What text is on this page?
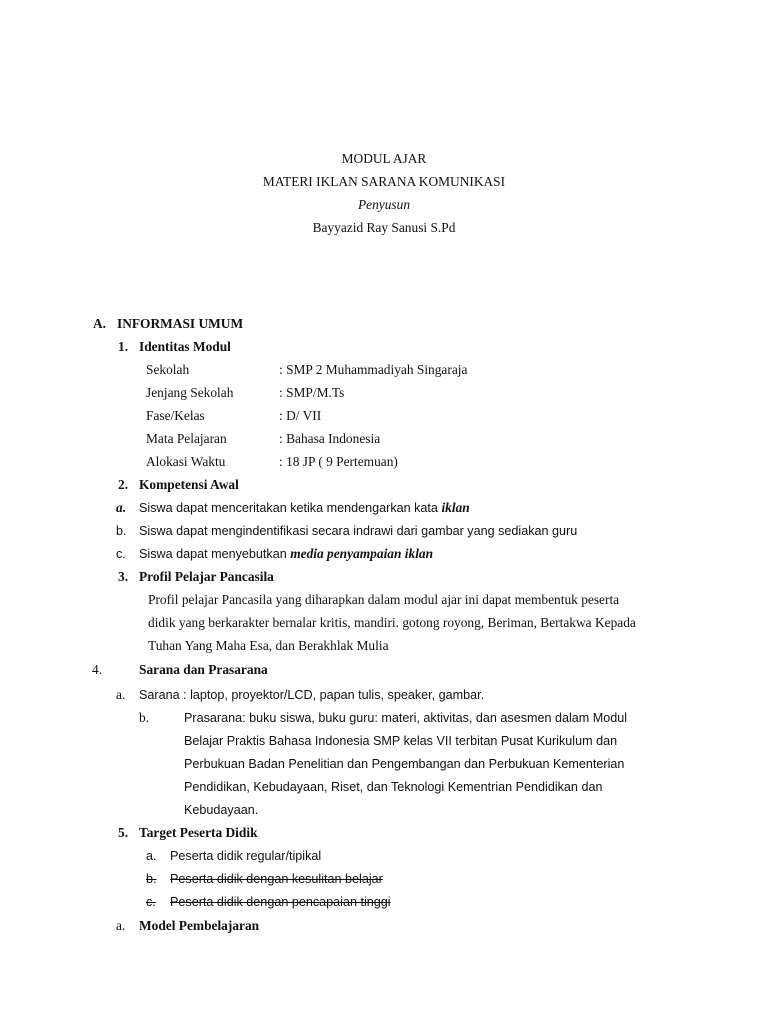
MODUL AJAR
MATERI IKLAN SARANA KOMUNIKASI
Penyusun
Bayyazid Ray Sanusi S.Pd
A. INFORMASI UMUM
1. Identitas Modul
Sekolah	: SMP 2 Muhammadiyah Singaraja
Jenjang Sekolah	: SMP/M.Ts
Fase/Kelas	: D/ VII
Mata Pelajaran	: Bahasa Indonesia
Alokasi Waktu	: 18 JP ( 9 Pertemuan)
2. Kompetensi Awal
a. Siswa dapat menceritakan ketika mendengarkan kata iklan
b. Siswa dapat mengindentifikasi secara indrawi dari gambar yang sediakan guru
c. Siswa dapat menyebutkan media penyampaian iklan
3. Profil Pelajar Pancasila
Profil pelajar Pancasila yang diharapkan dalam modul ajar ini dapat membentuk peserta
didik yang berkarakter bernalar kritis, mandiri. gotong royong, Beriman, Bertakwa Kepada
Tuhan Yang Maha Esa, dan Berakhlak Mulia
4.	Sarana dan Prasarana
a. Sarana : laptop, proyektor/LCD, papan tulis, speaker, gambar.
b.	Prasarana: buku siswa, buku guru: materi, aktivitas, dan asesmen dalam Modul
Belajar Praktis Bahasa Indonesia SMP kelas VII terbitan Pusat Kurikulum dan
Perbukuan Badan Penelitian dan Pengembangan dan Perbukuan Kementerian
Pendidikan, Kebudayaan, Riset, dan Teknologi Kementrian Pendidikan dan
Kebudayaan.
5. Target Peserta Didik
a. Peserta didik regular/tipikal
b. Peserta didik dengan kesulitan belajar
c. Peserta didik dengan pencapaian tinggi
a. Model Pembelajaran
